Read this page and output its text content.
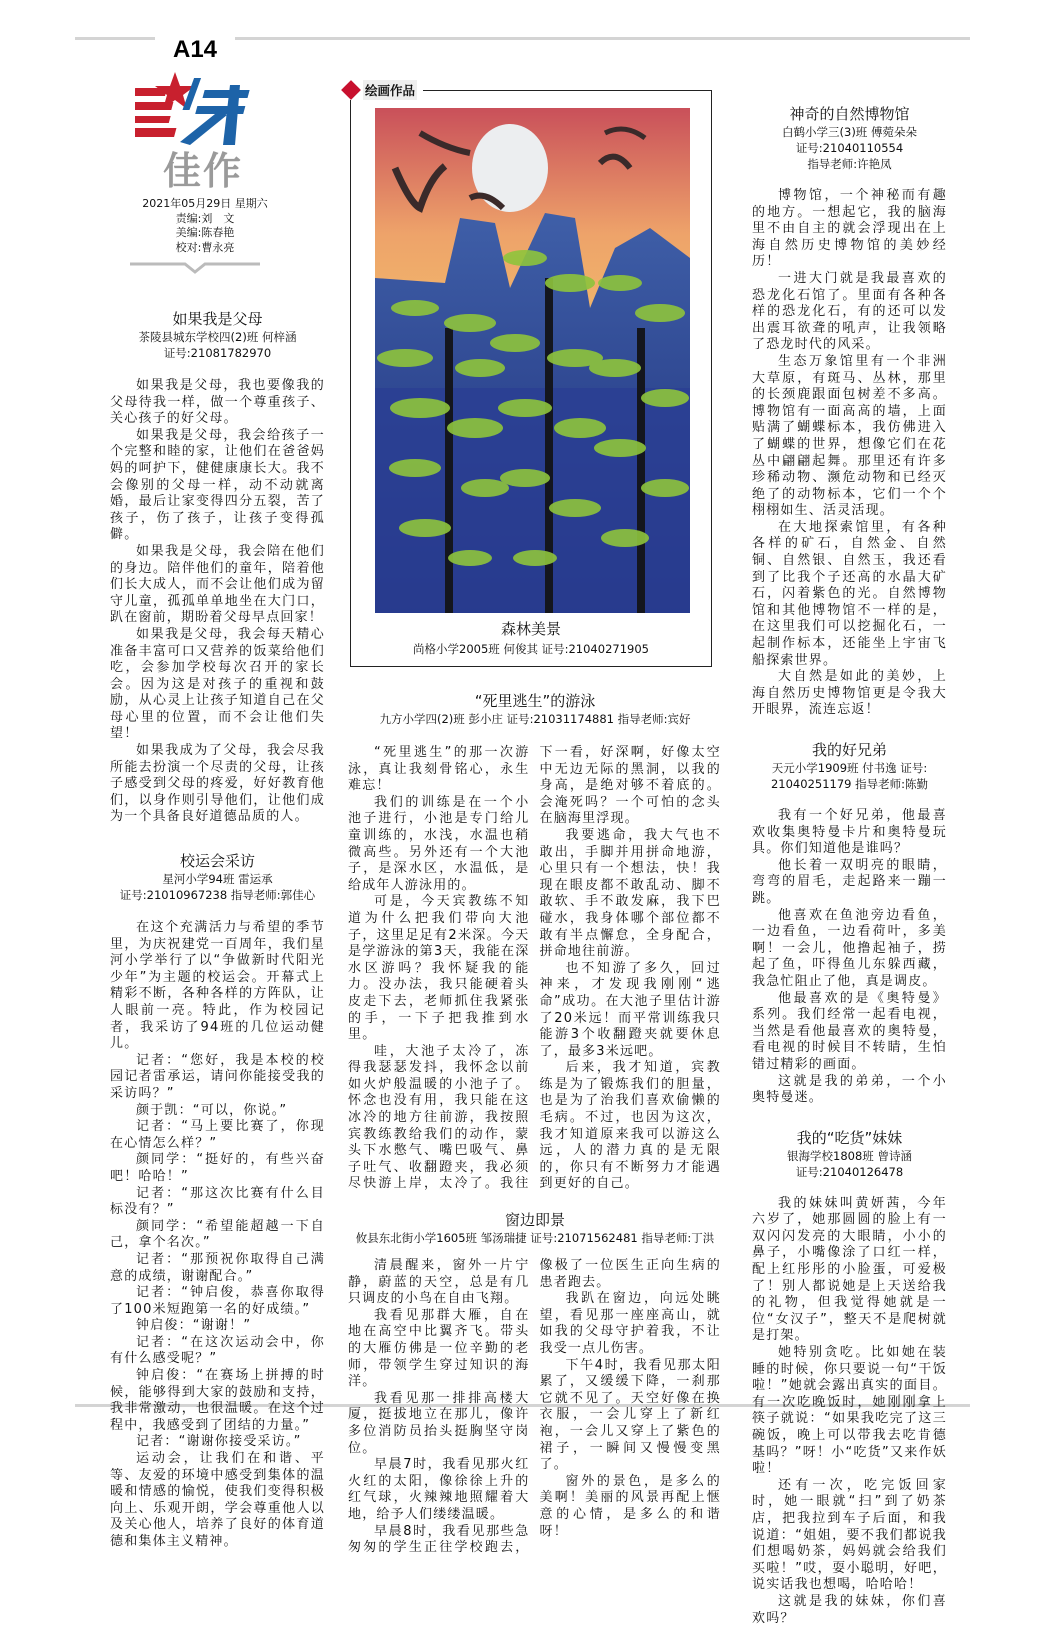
A14
佳作
2021年05月29日 星期六
责编:刘　文
美编:陈春艳
校对:曹永亮
如果我是父母
茶陵县城东学校四(2)班 何梓涵
证号:21081782970

如果我是父母，我也要像我的父母待我一样，做一个尊重孩子、关心孩子的好父母。

如果我是父母，我会给孩子一个完整和睦的家，让他们在爸爸妈妈的呵护下，健健康康长大。我不会像别的父母一样，动不动就离婚，最后让家变得四分五裂，苦了孩子，伤了孩子，让孩子变得孤僻。

如果我是父母，我会陪在他们的身边。陪伴他们的童年，陪着他们长大成人，而不会让他们成为留守儿童，孤孤单单地坐在大门口，趴在窗前，期盼着父母早点回家！

如果我是父母，我会每天精心准备丰富可口又营养的饭菜给他们吃，会参加学校每次召开的家长会。因为这是对孩子的重视和鼓励，从心灵上让孩子知道自己在父母心里的位置，而不会让他们失望！

如果我成为了父母，我会尽我所能去扮演一个尽责的父母，让孩子感受到父母的疼爱，好好教育他们，以身作则引导他们，让他们成为一个具备良好道德品质的人。

校运会采访
星河小学94班 雷运承
证号:21010967238 指导老师:郭佳心

在这个充满活力与希望的季节里，为庆祝建党一百周年，我们星河小学举行了以“争做新时代阳光少年”为主题的校运会。开幕式上精彩不断，各种各样的方阵队，让人眼前一亮。特此，作为校园记者，我采访了94班的几位运动健儿。

记者：“您好，我是本校的校园记者雷承运，请问你能接受我的采访吗？”

颜于凯：“可以，你说。”

记者：“马上要比赛了，你现在心情怎么样？”

颜同学：“挺好的，有些兴奋吧！哈哈！”

记者：“那这次比赛有什么目标没有？”

颜同学：“希望能超越一下自己，拿个名次。”

记者：“那预祝你取得自己满意的成绩，谢谢配合。”

记者：“钟启俊，恭喜你取得了100米短跑第一名的好成绩。”

钟启俊：“谢谢！”

记者：“在这次运动会中，你有什么感受呢？”

钟启俊：“在赛场上拼搏的时候，能够得到大家的鼓励和支持，我非常激动，也很温暖。在这个过程中，我感受到了团结的力量。”

记者：“谢谢你接受采访。”

运动会，让我们在和谐、平等、友爱的环境中感受到集体的温暖和情感的愉悦，使我们变得积极向上、乐观开朗，学会尊重他人以及关心他人，培养了良好的体育道德和集体主义精神。

绘画作品
森林美景
尚格小学2005班 何俊其 证号:21040271905
“死里逃生”的游泳
九方小学四(2)班 彭小庄 证号:21031174881 指导老师:宾好

“死里逃生”的那一次游泳，真让我刻骨铭心，永生难忘！

我们的训练是在一个小池子进行，小池是专门给儿童训练的，水浅，水温也稍微高些。另外还有一个大池子，是深水区，水温低，是给成年人游泳用的。

可是，今天宾教练不知道为什么把我们带向大池子，这里足足有2米深。今天是学游泳的第3天，我能在深水区游吗？我怀疑我的能力。没办法，我只能硬着头皮走下去，老师抓住我紧张的手，一下子把我推到水里。

哇，大池子太冷了，冻得我瑟瑟发抖，我怀念以前如火炉般温暖的小池子了。怀念也没有用，我只能在这冰冷的地方往前游，我按照宾教练教给我们的动作，蒙头下水憋气、嘴巴吸气、鼻子吐气、收翻蹬夹，我必须尽快游上岸，太冷了。我往下一看，好深啊，好像太空中无边无际的黑洞，以我的身高，是绝对够不着底的。会淹死吗？一个可怕的念头在脑海里浮现。

我要逃命，我大气也不敢出，手脚并用拼命地游，心里只有一个想法，快！我现在眼皮都不敢乱动、脚不敢软、手不敢发麻，我下巴碰水，我身体哪个部位都不敢有半点懈怠，全身配合，拼命地往前游。

也不知游了多久，回过神来，才发现我刚刚“逃命”成功。在大池子里估计游了20米远！而平常训练我只能游3个收翻蹬夹就要休息了，最多3米远吧。

后来，我才知道，宾教练是为了锻炼我们的胆量，也是为了治我们喜欢偷懒的毛病。不过，也因为这次，我才知道原来我可以游这么远，人的潜力真的是无限的，你只有不断努力才能遇到更好的自己。

窗边即景
攸县东北街小学1605班 邹汤瑞捷 证号:21071562481 指导老师:丁洪

清晨醒来，窗外一片宁静，蔚蓝的天空，总是有几只调皮的小鸟在自由飞翔。

我看见那群大雁，自在地在高空中比翼齐飞。带头的大雁仿佛是一位辛勤的老师，带领学生穿过知识的海洋。

我看见那一排排高楼大厦，挺拔地立在那儿，像许多位消防员抬头挺胸坚守岗位。

早晨7时，我看见那火红火红的太阳，像徐徐上升的红气球，火辣辣地照耀着大地，给予人们缕缕温暖。

早晨8时，我看见那些急匆匆的学生正往学校跑去，像极了一位医生正向生病的患者跑去。

我趴在窗边，向远处眺望，看见那一座座高山，就如我的父母守护着我，不让我受一点儿伤害。

下午4时，我看见那太阳累了，又缓缓下降，一刹那它就不见了。天空好像在换衣服，一会儿穿上了新红袍，一会儿又穿上了紫色的裙子，一瞬间又慢慢变黑了。

窗外的景色，是多么的美啊！美丽的风景再配上惬意的心情，是多么的和谐呀！

神奇的自然博物馆
白鹤小学三(3)班 傅菀朵朵
证号:21040110554
指导老师:许艳凤

博物馆，一个神秘而有趣的地方。一想起它，我的脑海里不由自主的就会浮现出在上海自然历史博物馆的美妙经历！

一进大门就是我最喜欢的恐龙化石馆了。里面有各种各样的恐龙化石，有的还可以发出震耳欲聋的吼声，让我领略了恐龙时代的风采。

生态万象馆里有一个非洲大草原，有斑马、丛林，那里的长颈鹿跟面包树差不多高。博物馆有一面高高的墙，上面贴满了蝴蝶标本，我仿佛进入了蝴蝶的世界，想像它们在花丛中翩翩起舞。那里还有许多珍稀动物、濒危动物和已经灭绝了的动物标本，它们一个个栩栩如生、活灵活现。

在大地探索馆里，有各种各样的矿石，自然金、自然铜、自然银、自然玉，我还看到了比我个子还高的水晶大矿石，闪着紫色的光。自然博物馆和其他博物馆不一样的是，在这里我们可以挖掘化石，一起制作标本，还能坐上宇宙飞船探索世界。

大自然是如此的美妙，上海自然历史博物馆更是令我大开眼界，流连忘返！

我的好兄弟
天元小学1909班 付书逸 证号:
21040251179 指导老师:陈勤

我有一个好兄弟，他最喜欢收集奥特曼卡片和奥特曼玩具。你们知道他是谁吗？

他长着一双明亮的眼睛，弯弯的眉毛，走起路来一蹦一跳。

他喜欢在鱼池旁边看鱼，一边看鱼，一边看荷叶，多美啊！一会儿，他撸起袖子，捞起了鱼，吓得鱼儿东躲西藏，我急忙阻止了他，真是调皮。

他最喜欢的是《奥特曼》系列。我们经常一起看电视，当然是看他最喜欢的奥特曼，看电视的时候目不转睛，生怕错过精彩的画面。

这就是我的弟弟，一个小奥特曼迷。

我的“吃货”妹妹
银海学校1808班 曾诗涵
证号:21040126478

我的妹妹叫黄妍茜，今年六岁了，她那圆圆的脸上有一双闪闪发亮的大眼睛，小小的鼻子，小嘴像涂了口红一样，配上红彤彤的小脸蛋，可爱极了！别人都说她是上天送给我的礼物，但我觉得她就是一位“女汉子”，整天不是爬树就是打架。

她特别贪吃。比如她在装睡的时候，你只要说一句“干饭啦！”她就会露出真实的面目。有一次吃晚饭时，她刚刚拿上筷子就说：“如果我吃完了这三碗饭，晚上可以带我去吃肯德基吗？”呀！小“吃货”又来作妖啦！

还有一次，吃完饭回家时，她一眼就“扫”到了奶茶店，把我拉到车子后面，和我说道：“姐姐，要不我们都说我们想喝奶茶，妈妈就会给我们买啦！”哎，耍小聪明，好吧，说实话我也想喝，哈哈哈！

这就是我的妹妹，你们喜欢吗？
